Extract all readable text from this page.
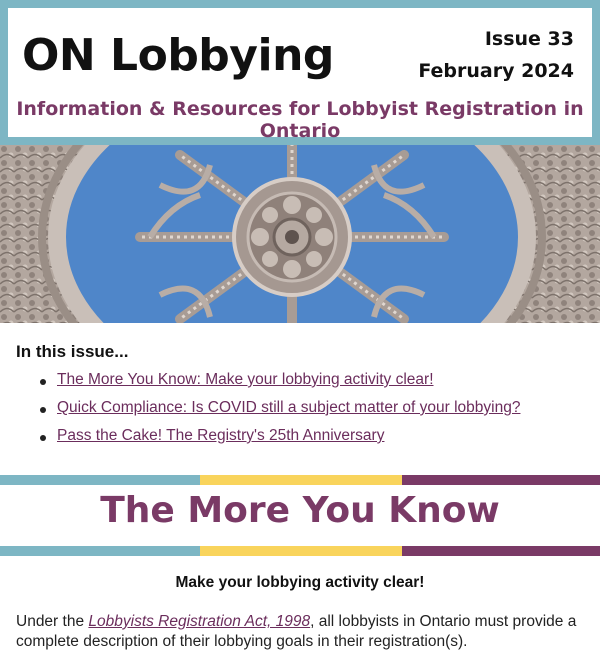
ON Lobbying	Issue 33
February 2024
Information & Resources for Lobbyist Registration in Ontario
In this issue...
The More You Know: Make your lobbying activity clear!
Quick Compliance: Is COVID still a subject matter of your lobbying?
Pass the Cake! The Registry's 25th Anniversary
The More You Know
Make your lobbying activity clear!
Under the Lobbyists Registration Act, 1998, all lobbyists in Ontario must provide a complete description of their lobbying goals in their registration(s).
